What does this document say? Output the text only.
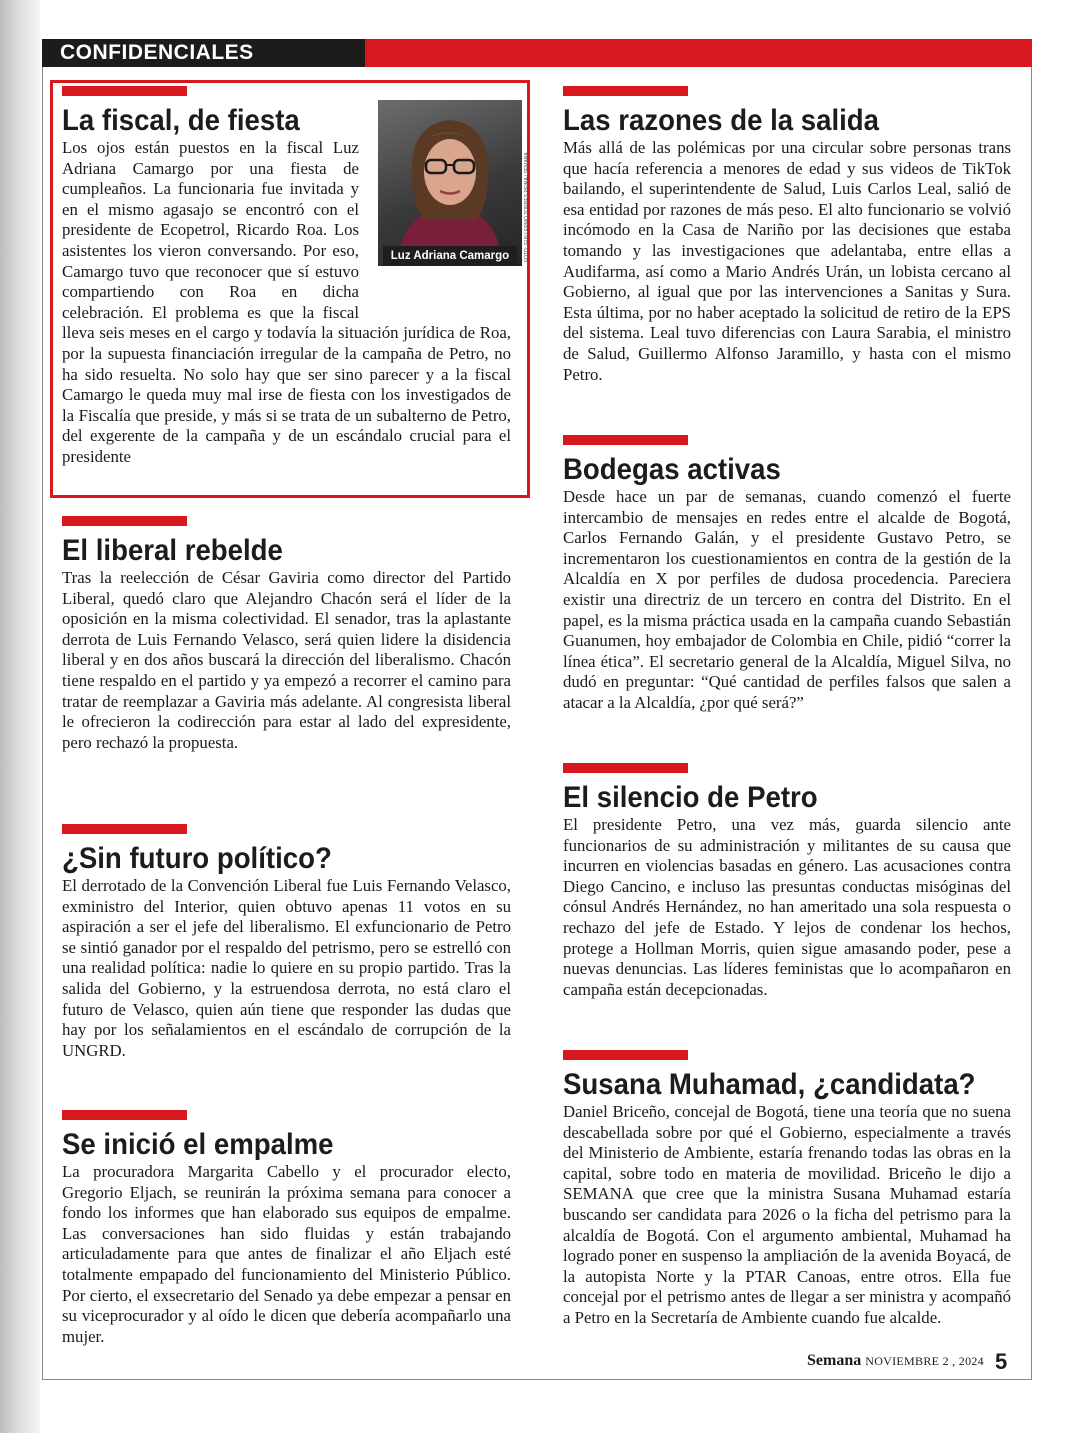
CONFIDENCIALES
La fiscal, de fiesta

Los ojos están puestos en la fiscal Luz Adriana Camargo por una fiesta de cumpleaños. La funcionaria fue invitada y en el mismo agasajo se encontró con el presidente de Ecopetrol, Ricardo Roa. Los asistentes los vieron conversando. Por eso, Camargo tuvo que reconocer que sí estuvo compartiendo con Roa en dicha celebración. El problema es que la fiscal lleva seis meses en el cargo y todavía la situación jurídica de Roa, por la supuesta financiación irregular de la campaña de Petro, no ha sido resuelta. No solo hay que ser sino parecer y a la fiscal Camargo le queda muy mal irse de fiesta con los investigados de la Fiscalía que preside, y más si se trata de un subalterno de Petro, del exgerente de la campaña y de un escándalo crucial para el presidente

Luz Adriana Camargo	FOTO: GUILLERMO TORRES REINA / SEMANA
El liberal rebelde

Tras la reelección de César Gaviria como director del Partido Liberal, quedó claro que Alejandro Chacón será el líder de la oposición en la misma colectividad. El senador, tras la aplastante derrota de Luis Fernando Velasco, será quien lidere la disidencia liberal y en dos años buscará la dirección del liberalismo. Chacón tiene respaldo en el partido y ya empezó a recorrer el camino para tratar de reemplazar a Gaviria más adelante. Al congresista liberal le ofrecieron la codirección para estar al lado del expresidente, pero rechazó la propuesta.

¿Sin futuro político?

El derrotado de la Convención Liberal fue Luis Fernando Velasco, exministro del Interior, quien obtuvo apenas 11 votos en su aspiración a ser el jefe del liberalismo. El exfuncionario de Petro se sintió ganador por el respaldo del petrismo, pero se estrelló con una realidad política: nadie lo quiere en su propio partido. Tras la salida del Gobierno, y la estruendosa derrota, no está claro el futuro de Velasco, quien aún tiene que responder las dudas que hay por los señalamientos en el escándalo de corrupción de la UNGRD.

Se inició el empalme

La procuradora Margarita Cabello y el procurador electo, Gregorio Eljach, se reunirán la próxima semana para conocer a fondo los informes que han elaborado sus equipos de empalme. Las conversaciones han sido fluidas y están trabajando articuladamente para que antes de finalizar el año Eljach esté totalmente empapado del funcionamiento del Ministerio Público. Por cierto, el exsecretario del Senado ya debe empezar a pensar en su viceprocurador y al oído le dicen que debería acompañarlo una mujer.

Las razones de la salida

Más allá de las polémicas por una circular sobre personas trans que hacía referencia a menores de edad y sus videos de TikTok bailando, el superintendente de Salud, Luis Carlos Leal, salió de esa entidad por razones de más peso. El alto funcionario se volvió incómodo en la Casa de Nariño por las decisiones que estaba tomando y las investigaciones que adelantaba, entre ellas a Audifarma, así como a Mario Andrés Urán, un lobista cercano al Gobierno, al igual que por las intervenciones a Sanitas y Sura. Esta última, por no haber aceptado la solicitud de retiro de la EPS del sistema. Leal tuvo diferencias con Laura Sarabia, el ministro de Salud, Guillermo Alfonso Jaramillo, y hasta con el mismo Petro.

Bodegas activas

Desde hace un par de semanas, cuando comenzó el fuerte intercambio de mensajes en redes entre el alcalde de Bogotá, Carlos Fernando Galán, y el presidente Gustavo Petro, se incrementaron los cuestionamientos en contra de la gestión de la Alcaldía en X por perfiles de dudosa procedencia. Pareciera existir una directriz de un tercero en contra del Distrito. En el papel, es la misma práctica usada en la campaña cuando Sebastián Guanumen, hoy embajador de Colombia en Chile, pidió “correr la línea ética”. El secretario general de la Alcaldía, Miguel Silva, no dudó en preguntar: “Qué cantidad de perfiles falsos que salen a atacar a la Alcaldía, ¿por qué será?”

El silencio de Petro

El presidente Petro, una vez más, guarda silencio ante funcionarios de su administración y militantes de su causa que incurren en violencias basadas en género. Las acusaciones contra Diego Cancino, e incluso las presuntas conductas misóginas del cónsul Andrés Hernández, no han ameritado una sola respuesta o rechazo del jefe de Estado. Y lejos de condenar los hechos, protege a Hollman Morris, quien sigue amasando poder, pese a nuevas denuncias. Las líderes feministas que lo acompañaron en campaña están decepcionadas.

Susana Muhamad, ¿candidata?

Daniel Briceño, concejal de Bogotá, tiene una teoría que no suena descabellada sobre por qué el Gobierno, especialmente a través del Ministerio de Ambiente, estaría frenando todas las obras en la capital, sobre todo en materia de movilidad. Briceño le dijo a SEMANA que cree que la ministra Susana Muhamad estaría buscando ser candidata para 2026 o la ficha del petrismo para la alcaldía de Bogotá. Con el argumento ambiental, Muhamad ha logrado poner en suspenso la ampliación de la avenida Boyacá, de la autopista Norte y la PTAR Canoas, entre otros. Ella fue concejal por el petrismo antes de llegar a ser ministra y acompañó a Petro en la Secretaría de Ambiente cuando fue alcalde.

Semana NOVIEMBRE 2 , 2024 5
